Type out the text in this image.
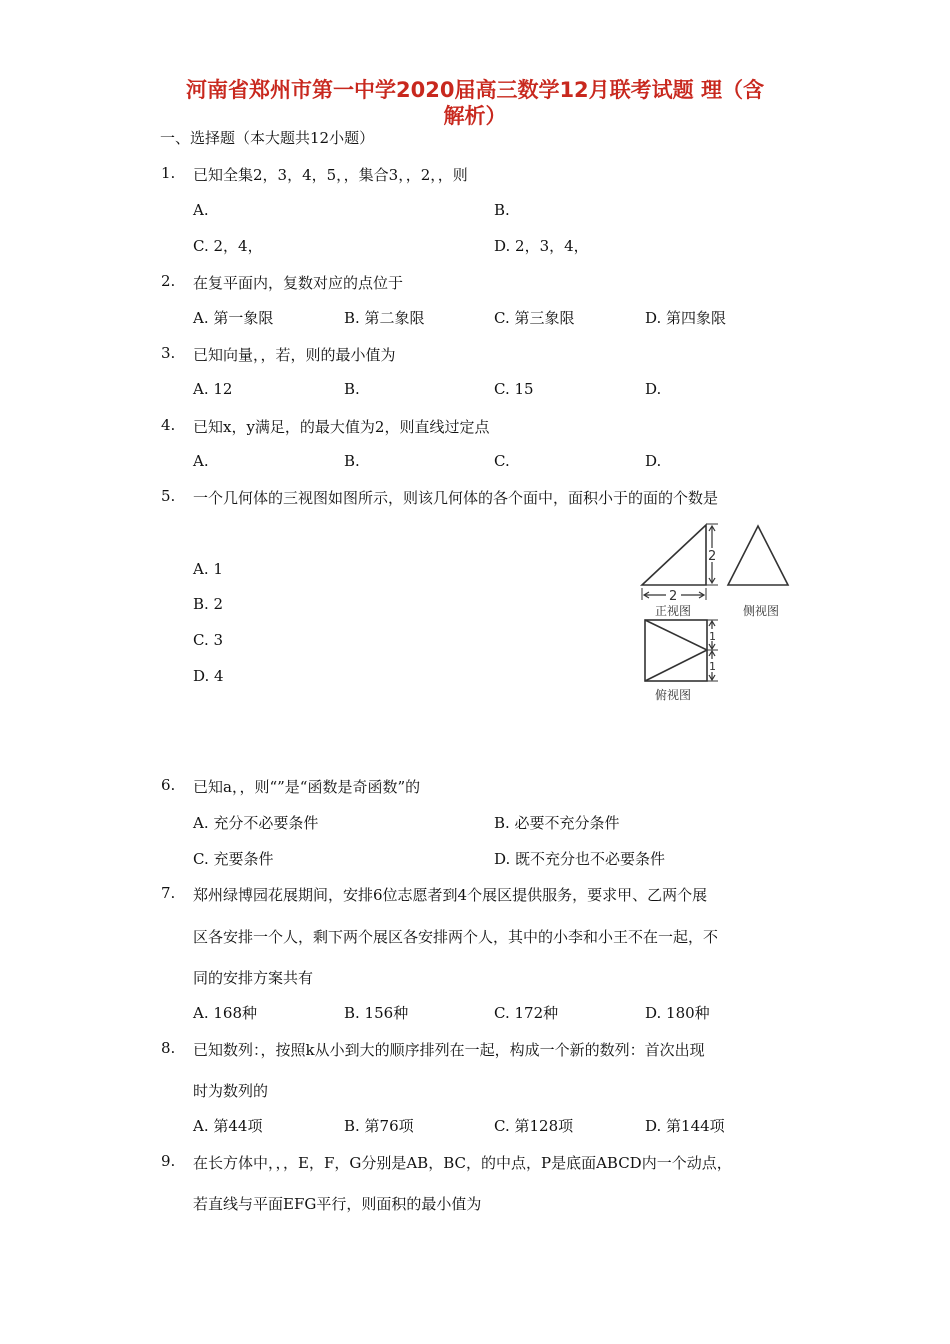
河南省郑州市第一中学2020届高三数学12月联考试题 理（含
解析）
一、选择题（本大题共12小题）
1. 已知全集2，3，4，5，，集合3，，2，，则
A.	B.
C. 2，4，	D. 2，3，4，
2. 在复平面内，复数对应的点位于
A. 第一象限	B. 第二象限	C. 第三象限	D. 第四象限
3. 已知向量，，若，则的最小值为
A. 12	B.	C. 15	D.
4. 已知x，y满足，的最大值为2，则直线过定点
A.	B.	C.	D.
5. 一个几何体的三视图如图所示，则该几何体的各个面中，面积小于的面的个数是
A. 1
B. 2
C. 3
D. 4
2
2
1
1
正视图	侧视图
俯视图
6. 已知a，，则“”是“函数是奇函数”的
A. 充分不必要条件	B. 必要不充分条件
C. 充要条件	D. 既不充分也不必要条件
7. 郑州绿博园花展期间，安排6位志愿者到4个展区提供服务，要求甲、乙两个展
区各安排一个人，剩下两个展区各安排两个人，其中的小李和小王不在一起，不
同的安排方案共有
A. 168种	B. 156种	C. 172种	D. 180种
8. 已知数列：，按照k从小到大的顺序排列在一起，构成一个新的数列：首次出现
时为数列的
A. 第44项	B. 第76项	C. 第128项	D. 第144项
9. 在长方体中，，，E，F，G分别是AB，BC，的中点，P是底面ABCD内一个动点，
若直线与平面EFG平行，则面积的最小值为
